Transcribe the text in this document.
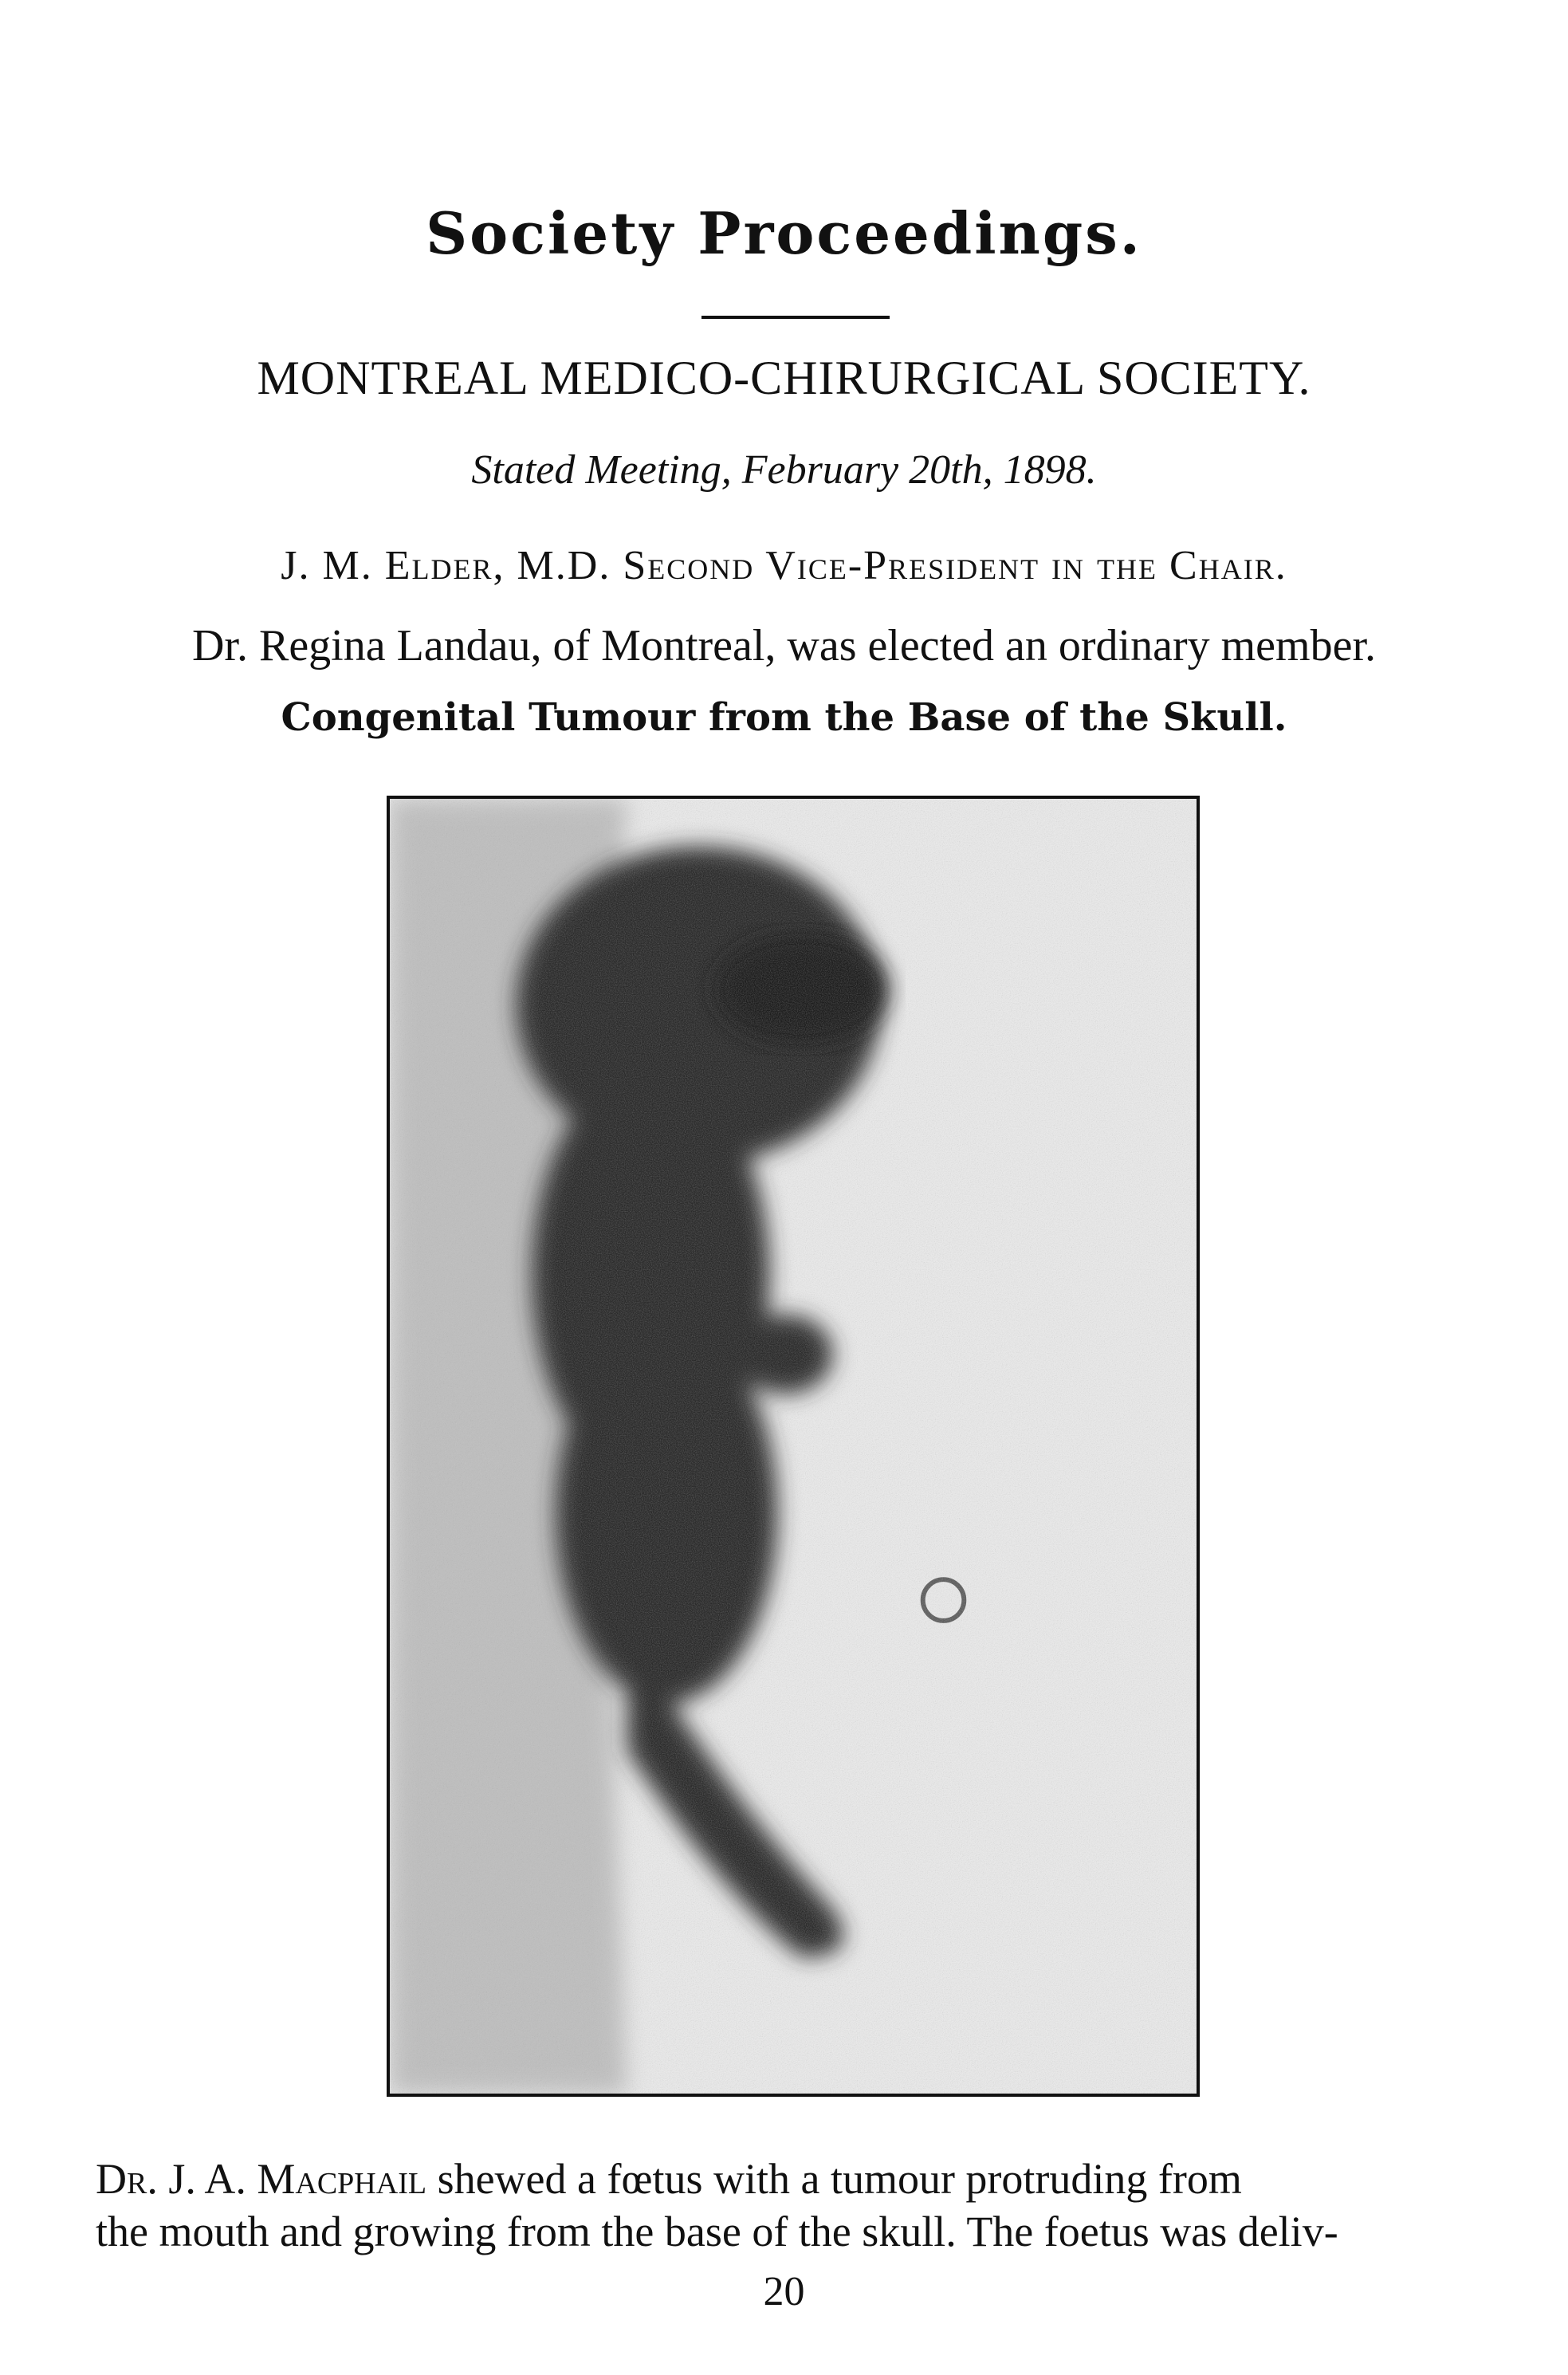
Society Proceedings.
MONTREAL MEDICO-CHIRURGICAL SOCIETY.
Stated Meeting, February 20th, 1898.
J. M. Elder, M.D. Second Vice-President in the Chair.
Dr. Regina Landau, of Montreal, was elected an ordinary member.
Congenital Tumour from the Base of the Skull.
Dr. J. A. Macphail shewed a fœtus with a tumour protruding from
the mouth and growing from the base of the skull. The foetus was deliv-
20
